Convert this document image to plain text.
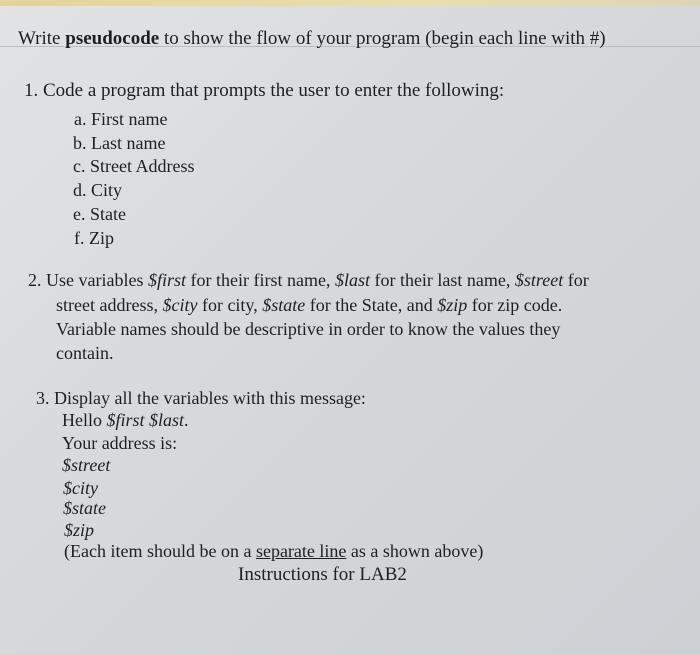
Write pseudocode to show the flow of your program (begin each line with #)

1. Code a program that prompts the user to enter the following:

a. First name

b. Last name

c. Street Address

d. City

e. State

f. Zip

2. Use variables $first for their first name, $last for their last name, $street for

street address, $city for city, $state for the State, and $zip for zip code.

Variable names should be descriptive in order to know the values they

contain.

3. Display all the variables with this message:

Hello $first $last.

Your address is:

$street

$city

$state

$zip

(Each item should be on a separate line as a shown above)

Instructions for LAB2
